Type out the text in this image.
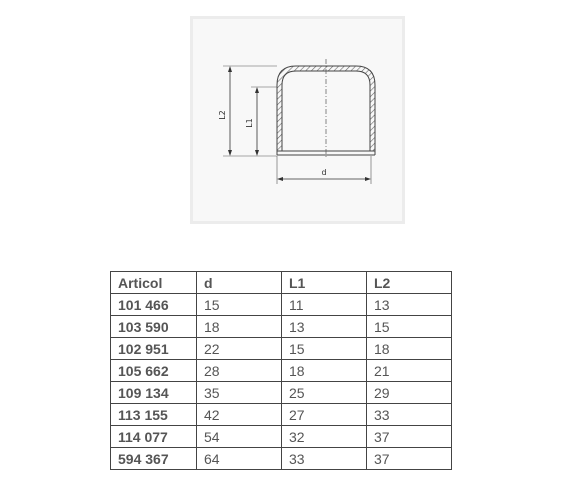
L2
L1
d
Articol	d	L1	L2
101 466	15	11	13
103 590	18	13	15
102 951	22	15	18
105 662	28	18	21
109 134	35	25	29
113 155	42	27	33
114 077	54	32	37
594 367	64	33	37
